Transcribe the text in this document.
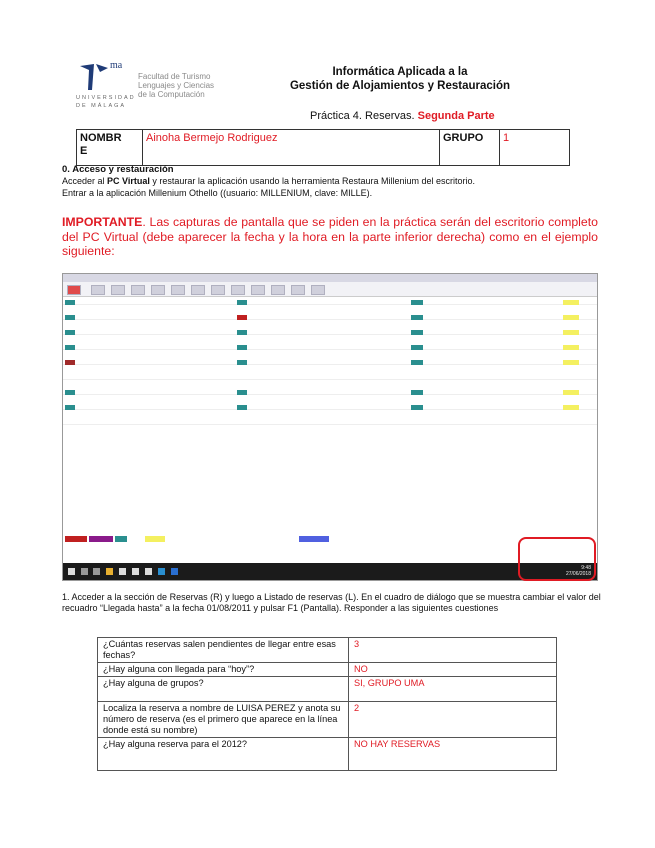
ma
Facultad de Turismo
Lenguajes y Ciencias
de la Computación
UNIVERSIDAD
DE MÁLAGA
Informática Aplicada a la
Gestión de Alojamientos y Restauración
Práctica 4. Reservas. Segunda Parte
NOMBR
E
Ainoha Bermejo Rodriguez	GRUPO	1
0. Acceso y restauración
Acceder al PC Virtual y restaurar la aplicación usando la herramienta Restaura Millenium del escritorio.
Entrar a la aplicación Millenium Othello ((usuario: MILLENIUM, clave: MILLE).
IMPORTANTE. Las capturas de pantalla que se piden en la práctica serán del escritorio completo del PC Virtual (debe aparecer la fecha y la hora en la parte inferior derecha) como en el ejemplo siguiente:
9:48
27/06/2018
1. Acceder a la sección de Reservas (R) y luego a Listado de reservas (L). En el cuadro de diálogo que se muestra cambiar el valor del recuadro “Llegada hasta” a la fecha 01/08/2011 y pulsar F1 (Pantalla). Responder a las siguientes cuestiones
¿Cuántas reservas salen pendientes de llegar entre esas fechas?	3
¿Hay alguna con llegada para “hoy”?	NO
¿Hay alguna de grupos?	SI, GRUPO UMA
Localiza la reserva a nombre de LUISA PEREZ y anota su número de reserva (es el primero que aparece en la línea donde está su nombre)	2
¿Hay alguna reserva para el 2012?	NO HAY RESERVAS
